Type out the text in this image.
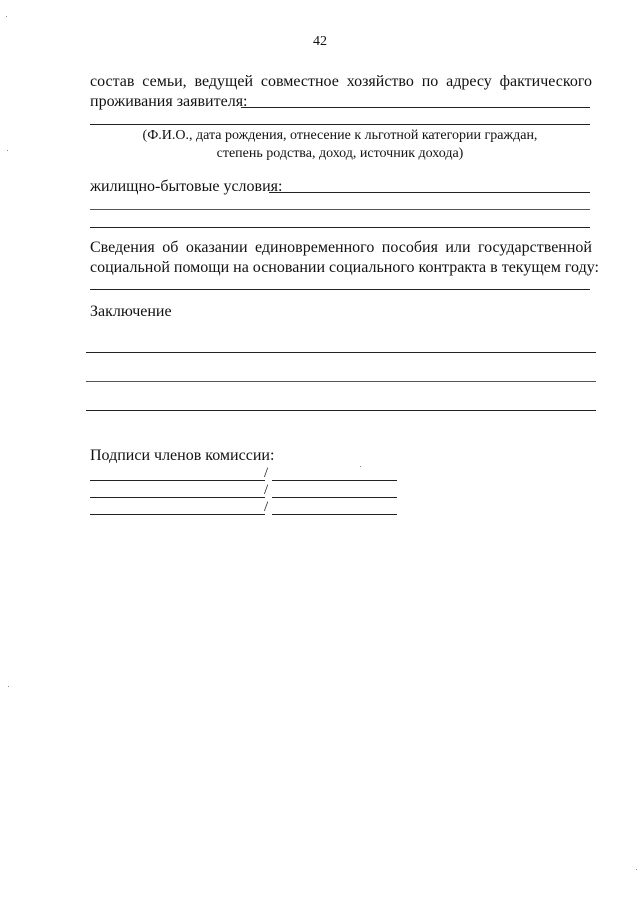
42
состав семьи, ведущей совместное хозяйство по адресу фактического
проживания заявителя:
(Ф.И.О., дата рождения, отнесение к льготной категории граждан,
степень родства, доход, источник дохода)
жилищно-бытовые условия:
Сведения об оказании единовременного пособия или государственной
социальной помощи на основании социального контракта в текущем году:
Заключение
Подписи членов комиссии:
/
/
/
